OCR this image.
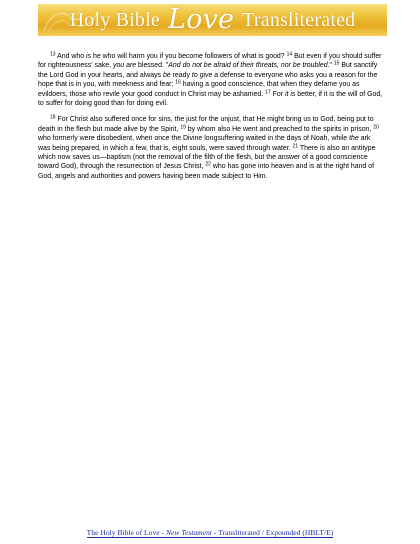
Holy Bible Love Transliterated

$^{13}$ And who is he who will harm you if you become followers of what is good? $^{14}$ But even if you should suffer for righteousness' sake, you are blessed. "And do not be afraid of their threats, nor be troubled." $^{15}$ But sanctify the Lord God in your hearts, and always be ready to give a defense to everyone who asks you a reason for the hope that is in you, with meekness and fear; $^{16}$ having a good conscience, that when they defame you as evildoers, those who revile your good conduct in Christ may be ashamed. $^{17}$ For it is better, if it is the will of God, to suffer for doing good than for doing evil.

$^{18}$ For Christ also suffered once for sins, the just for the unjust, that He might bring us to God, being put to death in the flesh but made alive by the Spirit, $^{19}$ by whom also He went and preached to the spirits in prison, $^{20}$ who formerly were disobedient, when once the Divine longsuffering waited in the days of Noah, while the ark was being prepared, in which a few, that is, eight souls, were saved through water. $^{21}$ There is also an antitype which now saves us—baptism (not the removal of the filth of the flesh, but the answer of a good conscience toward God), through the resurrection of Jesus Christ, $^{22}$ who has gone into heaven and is at the right hand of God, angels and authorities and powers having been made subject to Him.

The Holy Bible of Love - New Testament - Transliterated / Expounded (HBLT/E)
